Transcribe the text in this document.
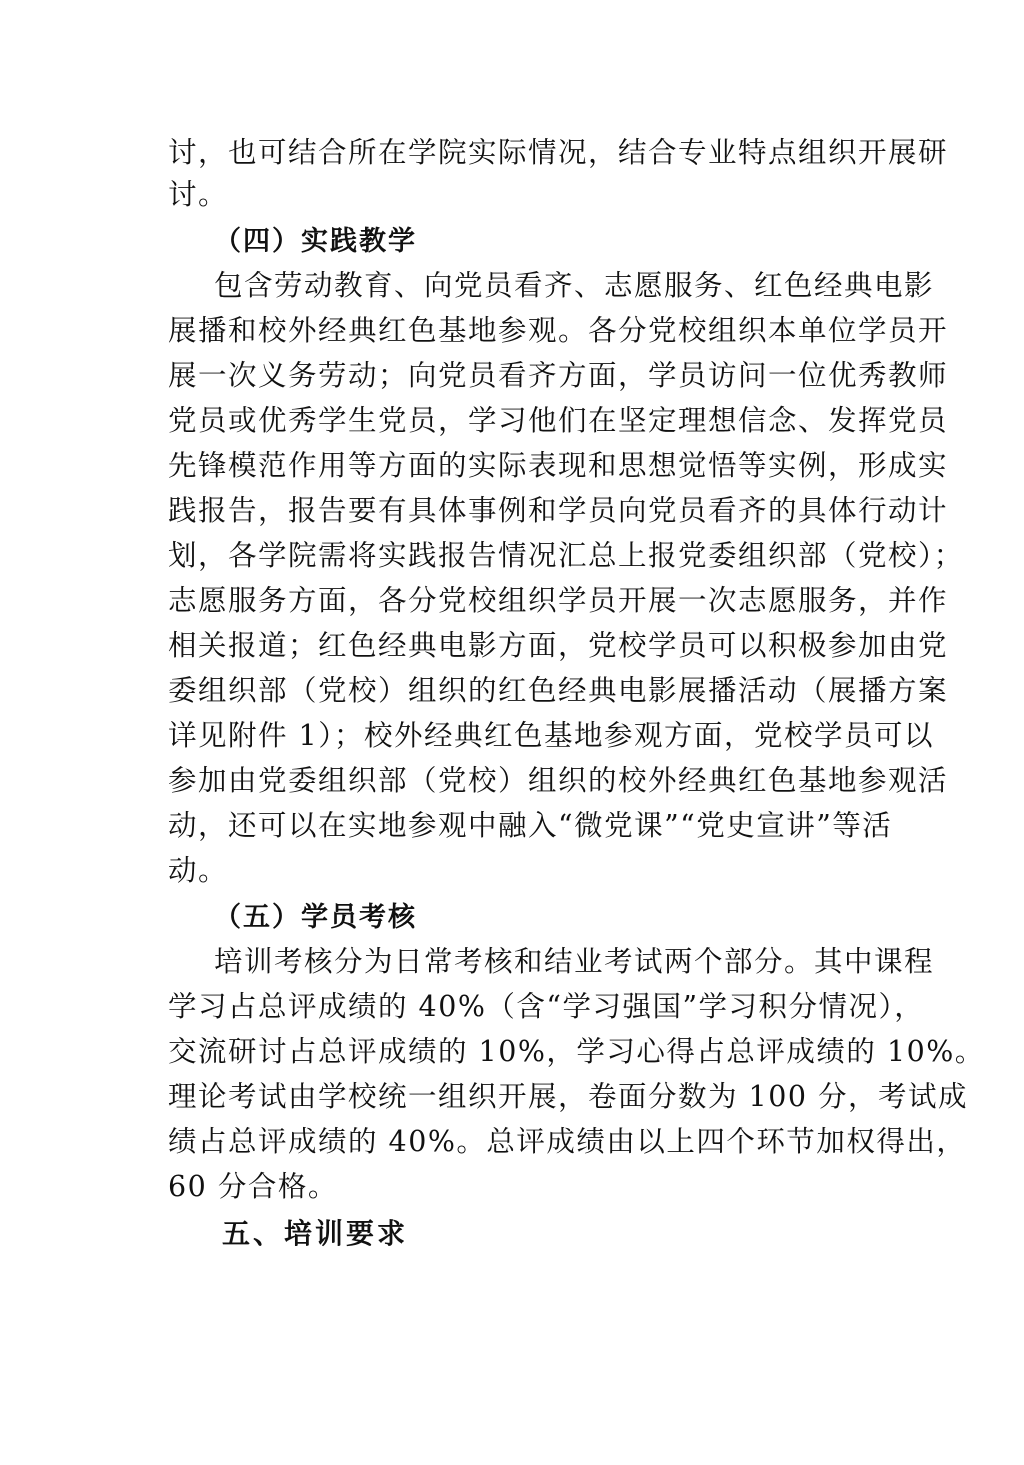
讨，也可结合所在学院实际情况，结合专业特点组织开展研
讨。
（四）实践教学
包含劳动教育、向党员看齐、志愿服务、红色经典电影
展播和校外经典红色基地参观。各分党校组织本单位学员开
展一次义务劳动；向党员看齐方面，学员访问一位优秀教师
党员或优秀学生党员，学习他们在坚定理想信念、发挥党员
先锋模范作用等方面的实际表现和思想觉悟等实例，形成实
践报告，报告要有具体事例和学员向党员看齐的具体行动计
划，各学院需将实践报告情况汇总上报党委组织部（党校）；
志愿服务方面，各分党校组织学员开展一次志愿服务，并作
相关报道；红色经典电影方面，党校学员可以积极参加由党
委组织部（党校）组织的红色经典电影展播活动（展播方案
详见附件 1）；校外经典红色基地参观方面，党校学员可以
参加由党委组织部（党校）组织的校外经典红色基地参观活
动，还可以在实地参观中融入“微党课”“党史宣讲”等活
动。
（五）学员考核
培训考核分为日常考核和结业考试两个部分。其中课程
学习占总评成绩的 40%（含“学习强国”学习积分情况），
交流研讨占总评成绩的 10%，学习心得占总评成绩的 10%。
理论考试由学校统一组织开展，卷面分数为 100 分，考试成
绩占总评成绩的 40%。总评成绩由以上四个环节加权得出，
60 分合格。
五、培训要求
